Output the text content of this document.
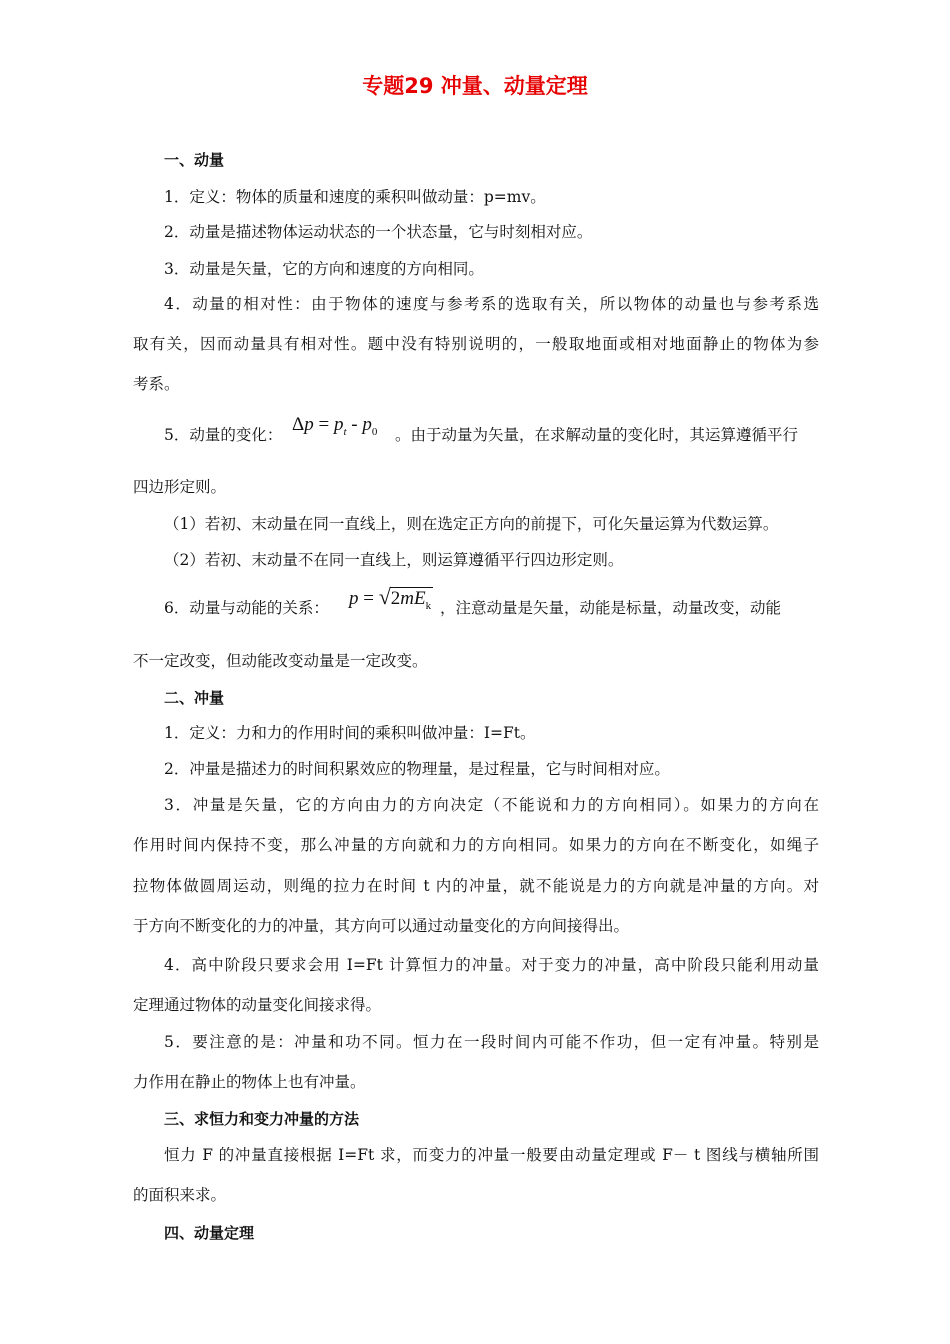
专题29 冲量、动量定理
一、动量
1．定义：物体的质量和速度的乘积叫做动量：p=mv。
2．动量是描述物体运动状态的一个状态量，它与时刻相对应。
3．动量是矢量，它的方向和速度的方向相同。
4．动量的相对性：由于物体的速度与参考系的选取有关，所以物体的动量也与参考系选
取有关，因而动量具有相对性。题中没有特别说明的，一般取地面或相对地面静止的物体为参
考系。
5．动量的变化： $\Delta p = p_t - p_0$ 。由于动量为矢量，在求解动量的变化时，其运算遵循平行
四边形定则。
（1）若初、末动量在同一直线上，则在选定正方向的前提下，可化矢量运算为代数运算。
（2）若初、末动量不在同一直线上，则运算遵循平行四边形定则。
6．动量与动能的关系： $p = √2mE_k$ ，注意动量是矢量，动能是标量，动量改变，动能
不一定改变，但动能改变动量是一定改变。
二、冲量
1．定义：力和力的作用时间的乘积叫做冲量：I=Ft。
2．冲量是描述力的时间积累效应的物理量，是过程量，它与时间相对应。
3．冲量是矢量，它的方向由力的方向决定（不能说和力的方向相同）。如果力的方向在
作用时间内保持不变，那么冲量的方向就和力的方向相同。如果力的方向在不断变化，如绳子
拉物体做圆周运动，则绳的拉力在时间 t 内的冲量，就不能说是力的方向就是冲量的方向。对
于方向不断变化的力的冲量，其方向可以通过动量变化的方向间接得出。
4．高中阶段只要求会用 I=Ft 计算恒力的冲量。对于变力的冲量，高中阶段只能利用动量
定理通过物体的动量变化间接求得。
5．要注意的是：冲量和功不同。恒力在一段时间内可能不作功，但一定有冲量。特别是
力作用在静止的物体上也有冲量。
三、求恒力和变力冲量的方法
恒力 F 的冲量直接根据 I=Ft 求，而变力的冲量一般要由动量定理或 F－ t 图线与横轴所围
的面积来求。
四、动量定理
